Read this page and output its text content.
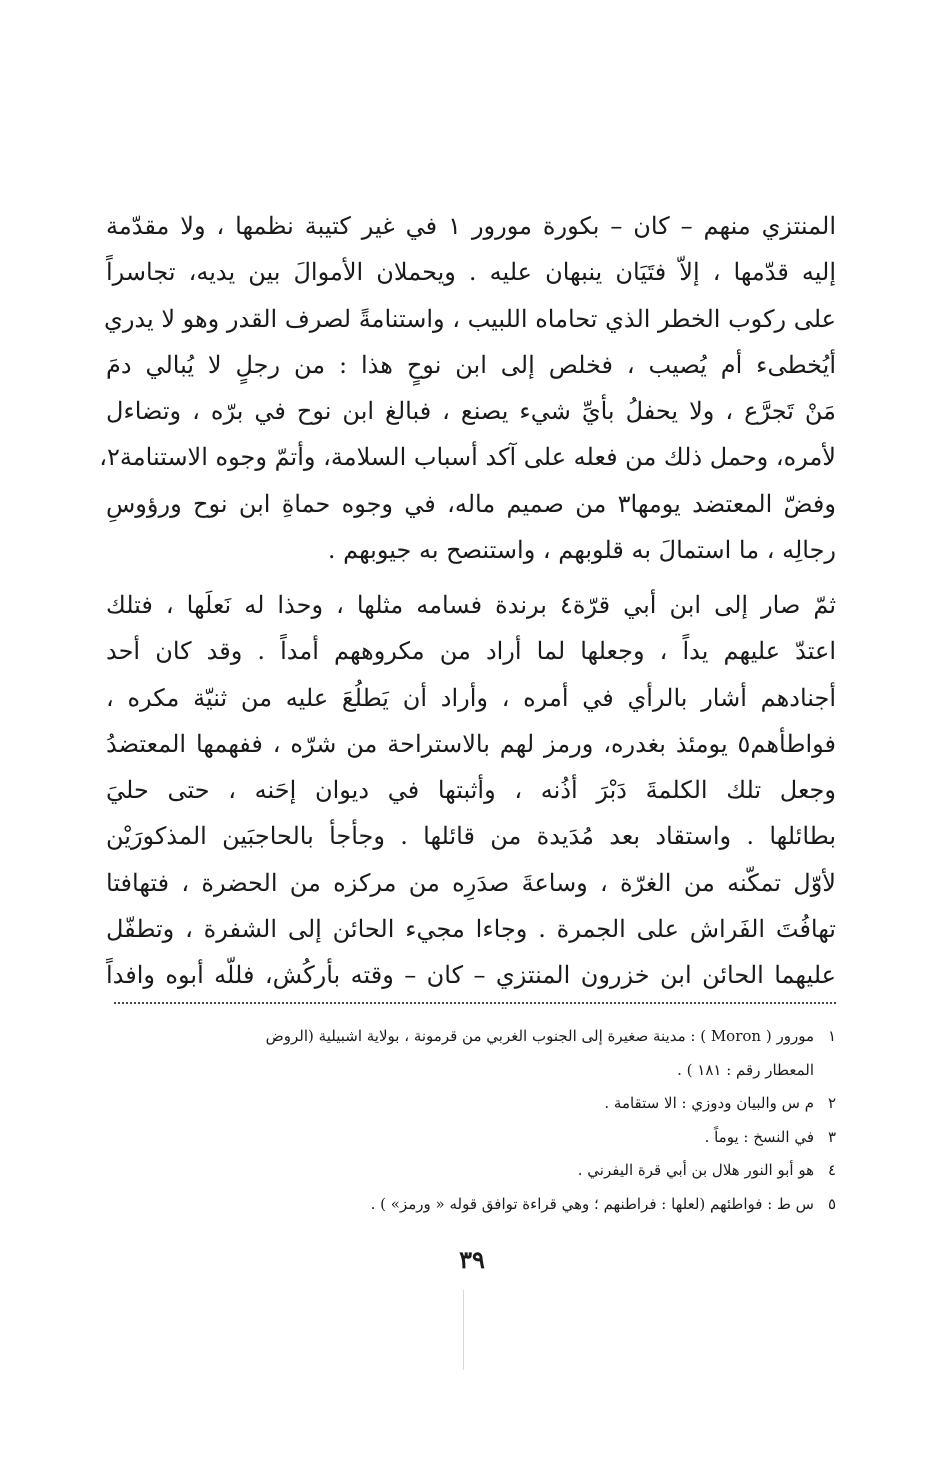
المنتزي منهم – كان – بكورة مورور ١ في غير كتيبة نظمها ، ولا مقدّمة
إليه قدّمها ، إلاّ فتَيَان ينبهان عليه . ويحملان الأموالَ بين يديه، تجاسراً
على ركوب الخطر الذي تحاماه اللبيب ، واستنامةً لصرف القدر وهو لا يدري
أيُخطىء أم يُصيب ، فخلص إلى ابن نوحٍ هذا : من رجلٍ لا يُبالي دمَ
مَنْ تَجرَّع ، ولا يحفلُ بأيِّ شيء يصنع ، فبالغ ابن نوح في برّه ، وتضاءل
لأمره، وحمل ذلك من فعله على آكد أسباب السلامة، وأتمّ وجوه الاستنامة٢،
وفضّ المعتضد يومها٣ من صميم ماله، في وجوه حماةِ ابن نوح ورؤوسِ
رجالِه ، ما استمالَ به قلوبهم ، واستنصح به جيوبهم .

ثمّ صار إلى ابن أبي قرّة٤ برندة فسامه مثلها ، وحذا له نَعلَها ، فتلك
اعتدّ عليهم يداً ، وجعلها لما أراد من مكروههم أمداً . وقد كان أحد
أجنادهم أشار بالرأي في أمره ، وأراد أن يَطلُعَ عليه من ثنيّة مكره ،
فواطأهم٥ يومئذ بغدره، ورمز لهم بالاستراحة من شرّه ، ففهمها المعتضدُ
وجعل تلك الكلمةَ دَبْرَ أذُنه ، وأثبتها في ديوان إحَنه ، حتى حليَ
بطائلها . واستقاد بعد مُدَيدة من قائلها . وجأجأ بالحاجبَين المذكورَيْن
لأوّل تمكّنه من الغرّة ، وساعةَ صدَرِه من مركزه من الحضرة ، فتهافتا
تهافُتَ الفَراش على الجمرة . وجاءا مجيء الحائن إلى الشفرة ، وتطفّل
عليهما الحائن ابن خزرون المنتزي – كان – وقته بأركُش، فللّه أبوه وافداً

١مورور ( Moron ) : مدينة صغيرة إلى الجنوب الغربي من قرمونة ، بولاية اشبيلية (الروض
المعطار رقم : ١٨١ ) .
٢م س والبيان ودوزي : الا ستقامة .
٣في النسخ : يوماً .
٤هو أبو النور هلال بن أبي قرة اليفرني .
٥س ط : فواطئهم (لعلها : فراطنهم ؛ وهي قراءة توافق قوله « ورمز» ) .
٣٩
